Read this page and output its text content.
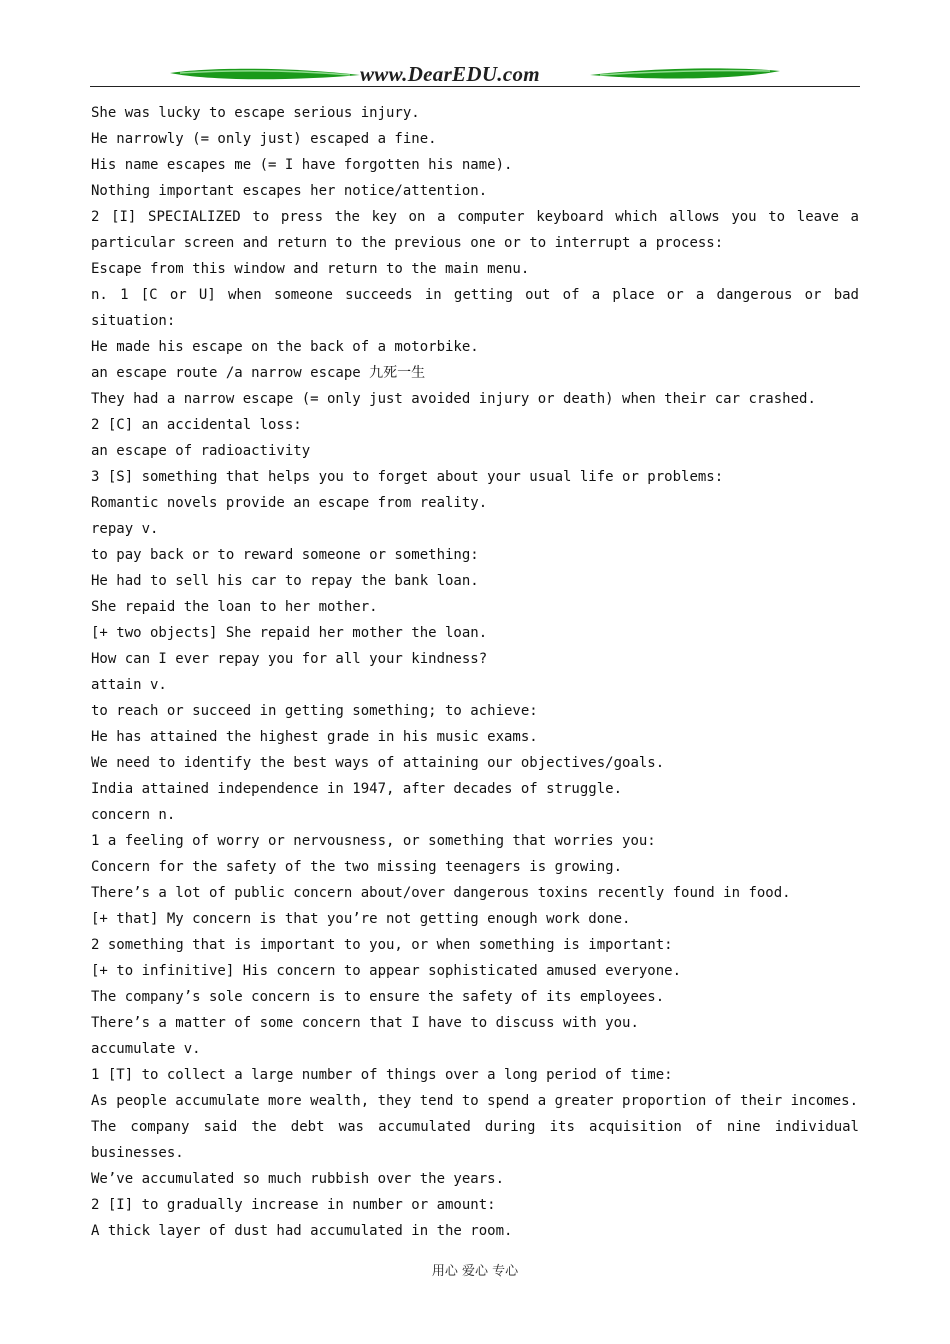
www.DearEDU.com
She was lucky to escape serious injury.
He narrowly (= only just) escaped a fine.
His name escapes me (= I have forgotten his name).
Nothing important escapes her notice/attention.
2 [I] SPECIALIZED to press the key on a computer keyboard which allows you to leave a
particular screen and return to the previous one or to interrupt a process:
Escape from this window and return to the main menu.
n. 1 [C or U] when someone succeeds in getting out of a place or a dangerous or bad
situation:
He made his escape on the back of a motorbike.
an escape route /a narrow escape 九死一生
They had a narrow escape (= only just avoided injury or death) when their car crashed.
2 [C] an accidental loss:
an escape of radioactivity
3 [S] something that helps you to forget about your usual life or problems:
Romantic novels provide an escape from reality.
repay v.
to pay back or to reward someone or something:
He had to sell his car to repay the bank loan.
She repaid the loan to her mother.
[+ two objects] She repaid her mother the loan.
How can I ever repay you for all your kindness?
attain v.
to reach or succeed in getting something; to achieve:
He has attained the highest grade in his music exams.
We need to identify the best ways of attaining our objectives/goals.
India attained independence in 1947, after decades of struggle.
concern n.
1 a feeling of worry or nervousness, or something that worries you:
Concern for the safety of the two missing teenagers is growing.
There’s a lot of public concern about/over dangerous toxins recently found in food.
[+ that] My concern is that you’re not getting enough work done.
2 something that is important to you, or when something is important:
[+ to infinitive] His concern to appear sophisticated amused everyone.
The company’s sole concern is to ensure the safety of its employees.
There’s a matter of some concern that I have to discuss with you.
accumulate v.
1 [T] to collect a large number of things over a long period of time:
As people accumulate more wealth, they tend to spend a greater proportion of their incomes.
The company said the debt was accumulated during its acquisition of nine individual
businesses.
We’ve accumulated so much rubbish over the years.
2 [I] to gradually increase in number or amount:
A thick layer of dust had accumulated in the room.
用心 爱心 专心
